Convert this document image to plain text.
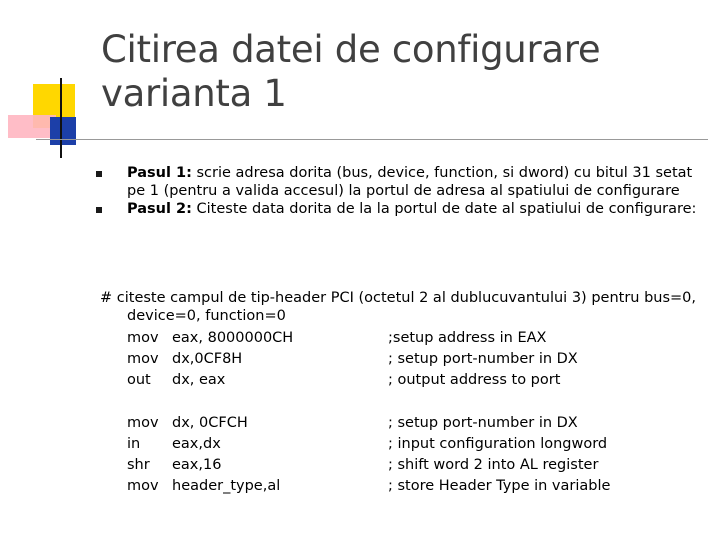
Citirea datei de configurare
varianta 1
Pasul 1: scrie adresa dorita (bus, device, function, si dword) cu bitul 31 setat pe 1 (pentru a valida accesul) la portul de adresa al spatiului de configurare
Pasul 2: Citeste data dorita de la la portul de date al spatiului de configurare:
# citeste campul de tip-header PCI (octetul 2 al dublucuvantului 3) pentru bus=0,
device=0, function=0
mov	eax, 8000000CH	;setup address in EAX
mov	dx,0CF8H	; setup port-number in DX
out	dx, eax	; output address to port
mov	dx, 0CFCH	; setup port-number in DX
in	eax,dx	; input configuration longword
shr	eax,16	; shift word 2 into AL register
mov	header_type,al	; store Header Type in variable
